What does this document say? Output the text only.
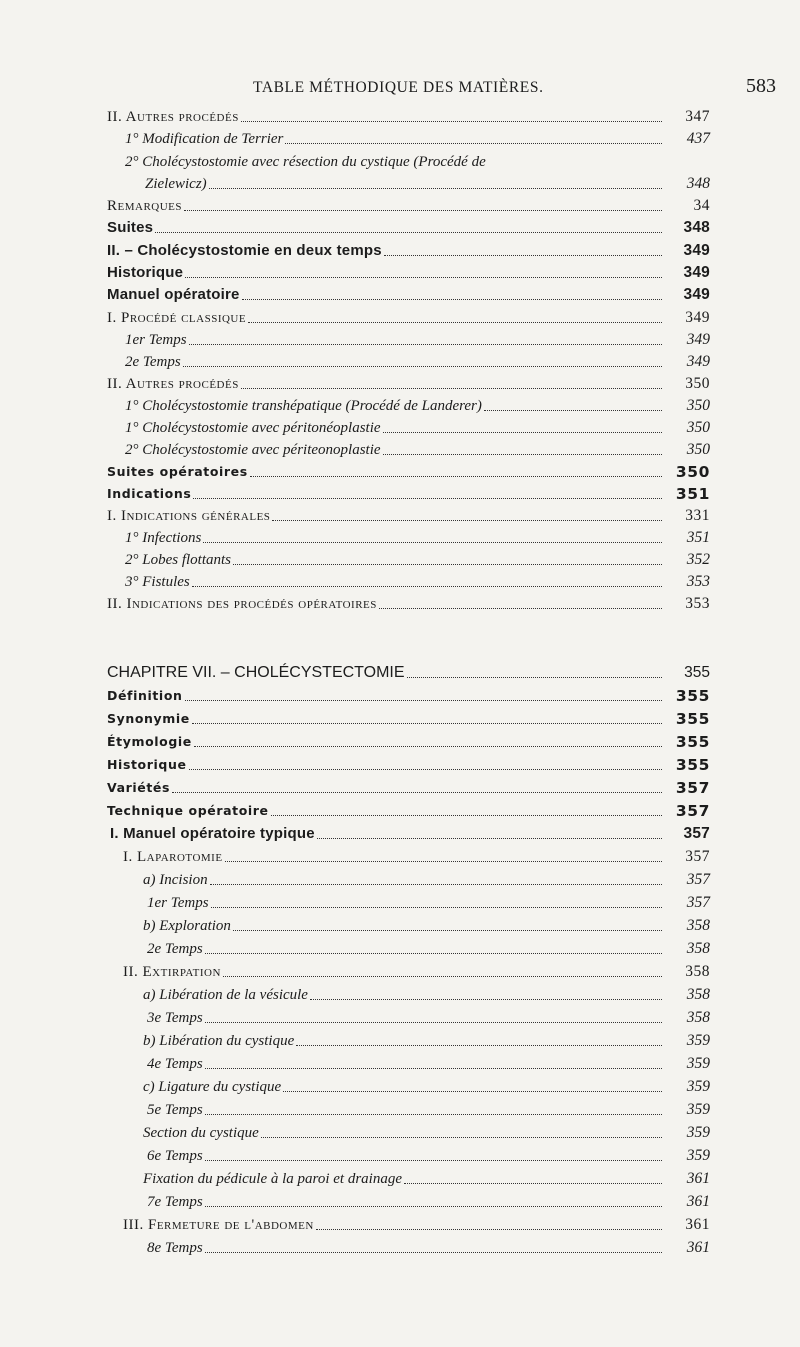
TABLE MÉTHODIQUE DES MATIÈRES.	583
II. Autres procédés	347
1° Modification de Terrier	437
2° Cholécystostomie avec résection du cystique (Procédé de
Zielewicz)	348
Remarques	34
Suites	348
II. – Cholécystostomie en deux temps	349
Historique	349
Manuel opératoire	349
I. Procédé classique	349
1er Temps	349
2e Temps	349
II. Autres procédés	350
1° Cholécystostomie transhépatique (Procédé de Landerer)	350
1° Cholécystostomie avec péritonéoplastie	350
2° Cholécystostomie avec périteonoplastie	350
Suites opératoires	350
Indications	351
I. Indications générales	331
1° Infections	351
2° Lobes flottants	352
3° Fistules	353
II. Indications des procédés opératoires	353
CHAPITRE VII. – CHOLÉCYSTECTOMIE	355
Définition	355
Synonymie	355
Étymologie	355
Historique	355
Variétés	357
Technique opératoire	357
I. Manuel opératoire typique	357
I. Laparotomie	357
a) Incision	357
1er Temps	357
b) Exploration	358
2e Temps	358
II. Extirpation	358
a) Libération de la vésicule	358
3e Temps	358
b) Libération du cystique	359
4e Temps	359
c) Ligature du cystique	359
5e Temps	359
Section du cystique	359
6e Temps	359
Fixation du pédicule à la paroi et drainage	361
7e Temps	361
III. Fermeture de l'abdomen	361
8e Temps	361
